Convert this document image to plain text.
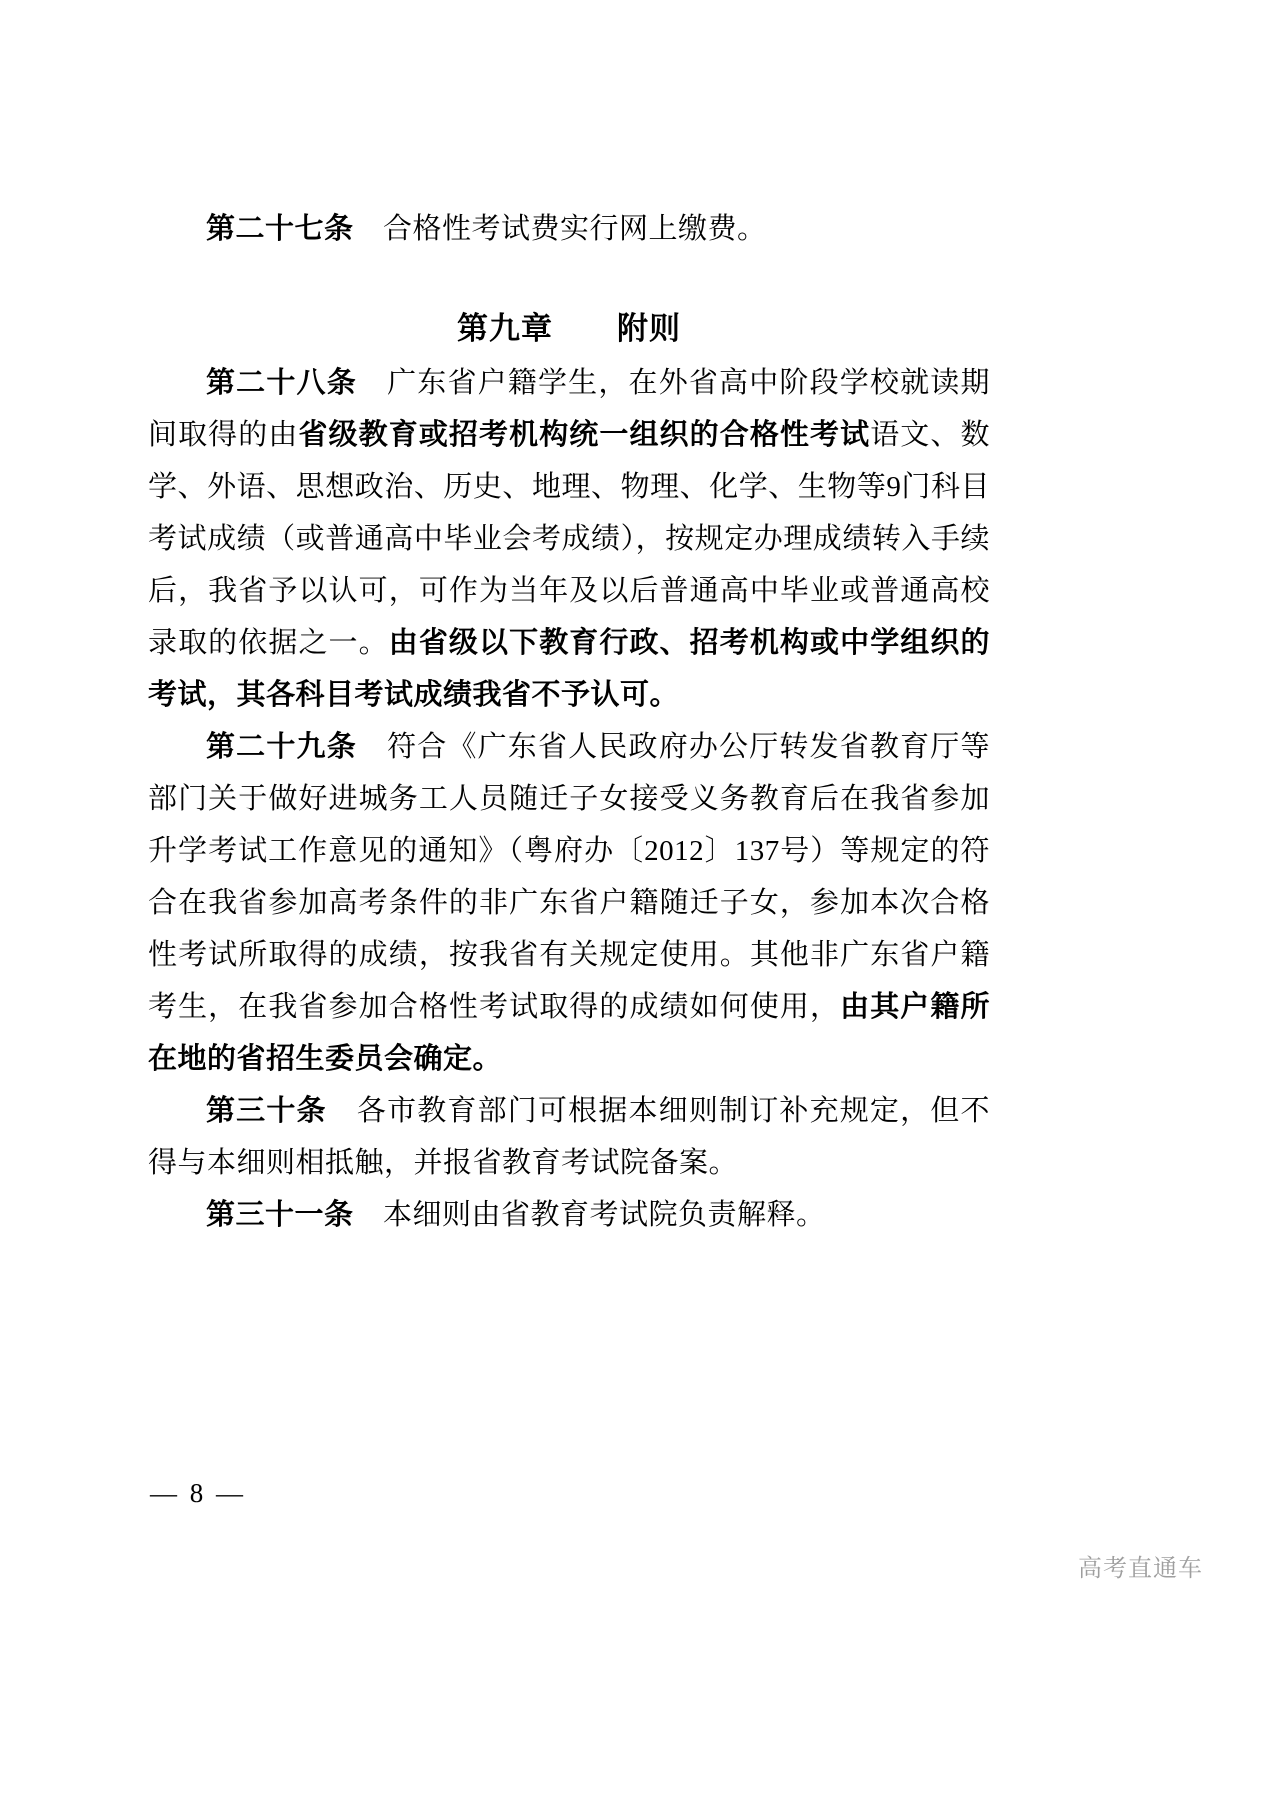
第二十七条　合格性考试费实行网上缴费。

第九章　　附则

第二十八条　广东省户籍学生，在外省高中阶段学校就读期间取得的由省级教育或招考机构统一组织的合格性考试语文、数学、外语、思想政治、历史、地理、物理、化学、生物等9门科目考试成绩（或普通高中毕业会考成绩），按规定办理成绩转入手续后，我省予以认可，可作为当年及以后普通高中毕业或普通高校录取的依据之一。由省级以下教育行政、招考机构或中学组织的考试，其各科目考试成绩我省不予认可。

第二十九条　符合《广东省人民政府办公厅转发省教育厅等部门关于做好进城务工人员随迁子女接受义务教育后在我省参加升学考试工作意见的通知》（粤府办〔2012〕137号）等规定的符合在我省参加高考条件的非广东省户籍随迁子女，参加本次合格性考试所取得的成绩，按我省有关规定使用。其他非广东省户籍考生，在我省参加合格性考试取得的成绩如何使用，由其户籍所在地的省招生委员会确定。

第三十条　各市教育部门可根据本细则制订补充规定，但不得与本细则相抵触，并报省教育考试院备案。

第三十一条　本细则由省教育考试院负责解释。

— 8 —
高考直通车
